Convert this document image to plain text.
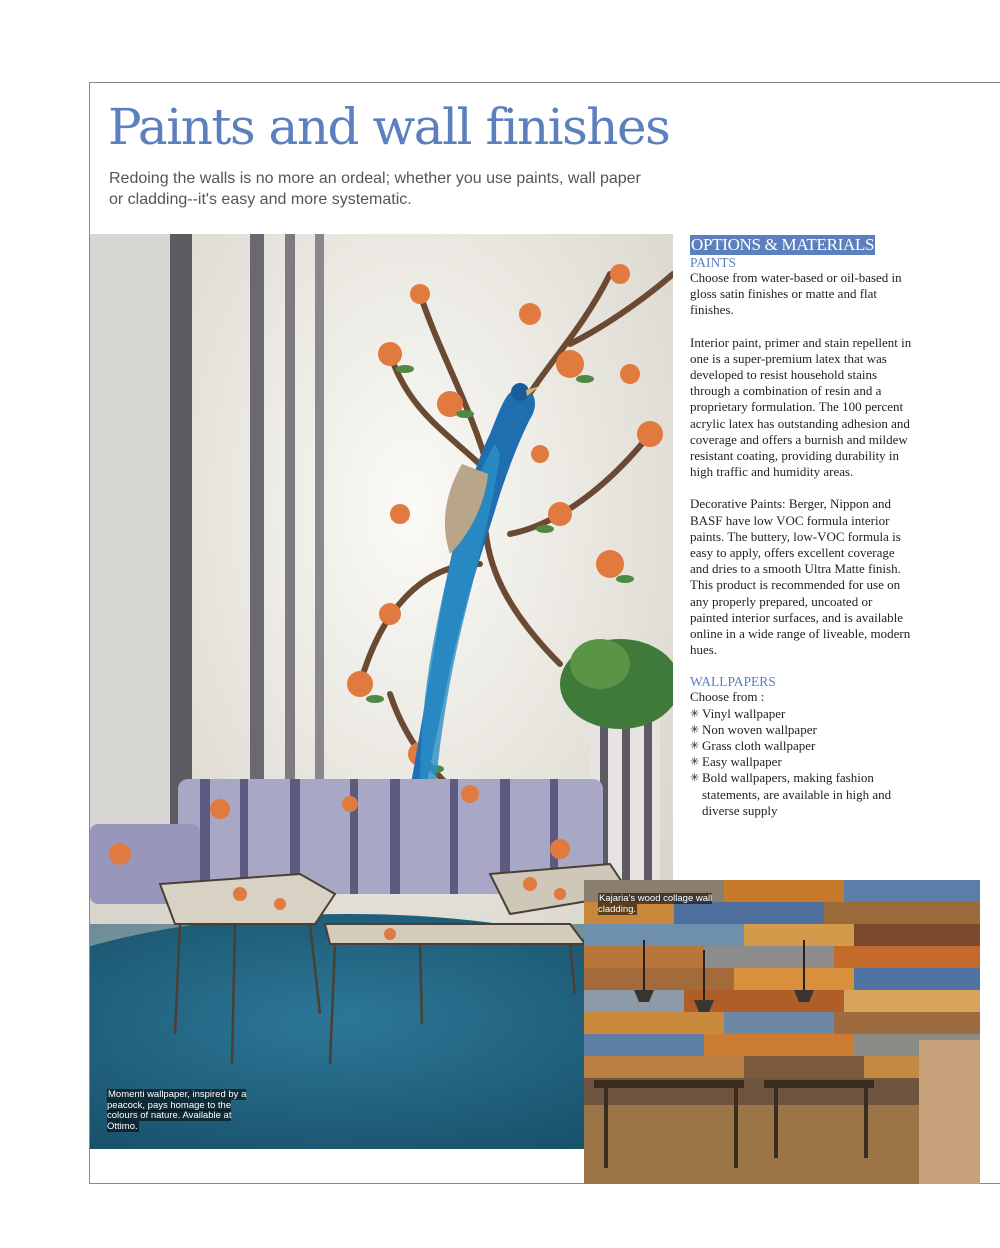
Paints and wall finishes

Redoing the walls is no more an ordeal; whether you use paints, wall paper or cladding--it's easy and more systematic.

Momenti wallpaper, inspired by a peacock, pays homage to the colours of nature. Available at Ottimo.
Kajaria's wood collage wall cladding.
OPTIONS & MATERIALS

PAINTS

Choose from water-based or oil-based in gloss satin finishes or matte and flat finishes.

Interior paint, primer and stain repellent in one is a super-premium latex that was developed to resist household stains through a combination of resin and a proprietary formulation. The 100 percent acrylic latex has outstanding adhesion and coverage and offers a burnish and mildew resistant coating, providing durability in high traffic and humidity areas.

Decorative Paints: Berger, Nippon and BASF have low VOC formula interior paints. The buttery, low-VOC formula is easy to apply, offers excellent coverage and dries to a smooth Ultra Matte finish. This product is recommended for use on any properly prepared, uncoated or painted interior surfaces, and is available online in a wide range of liveable, modern hues.

WALLPAPERS

Choose from :

✳ Vinyl wallpaper
✳ Non woven wallpaper
✳ Grass cloth wallpaper
✳ Easy wallpaper
✳ Bold wallpapers, making fashion statements, are available in high and diverse supply
